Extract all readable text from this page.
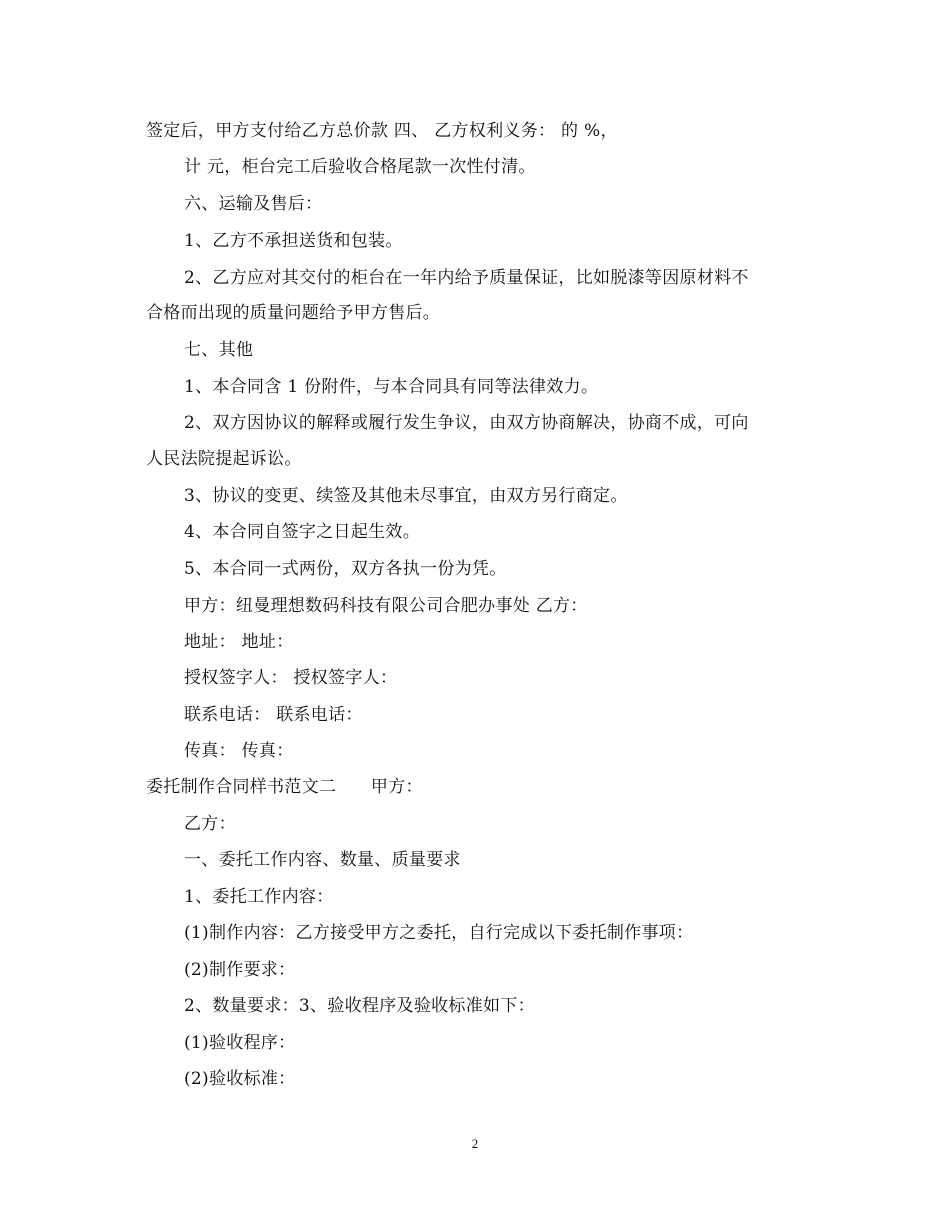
签定后，甲方支付给乙方总价款 四、 乙方权利义务： 的 %，
计 元，柜台完工后验收合格尾款一次性付清。
六、运输及售后：
1、乙方不承担送货和包装。
2、乙方应对其交付的柜台在一年内给予质量保证，比如脱漆等因原材料不
合格而出现的质量问题给予甲方售后。
七、其他
1、本合同含 1 份附件，与本合同具有同等法律效力。
2、双方因协议的解释或履行发生争议，由双方协商解决，协商不成，可向
人民法院提起诉讼。
3、协议的变更、续签及其他未尽事宜，由双方另行商定。
4、本合同自签字之日起生效。
5、本合同一式两份，双方各执一份为凭。
甲方：纽曼理想数码科技有限公司合肥办事处 乙方：
地址： 地址：
授权签字人： 授权签字人：
联系电话： 联系电话：
传真： 传真：
委托制作合同样书范文二　　甲方：
乙方：
一、委托工作内容、数量、质量要求
1、委托工作内容：
(1)制作内容：乙方接受甲方之委托，自行完成以下委托制作事项：
(2)制作要求：
2、数量要求：3、验收程序及验收标准如下：
(1)验收程序：
(2)验收标准：
2
